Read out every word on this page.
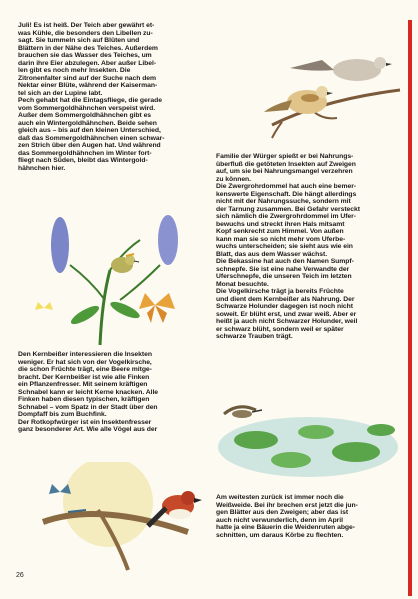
Juli! Es ist heiß. Der Teich aber gewährt et-
was Kühle, die besonders den Libellen zu-
sagt. Sie tummeln sich auf Blüten und
Blättern in der Nähe des Teiches. Außerdem
brauchen sie das Wasser des Teiches, um
darin ihre Eier abzulegen. Aber außer Libel-
len gibt es noch mehr Insekten. Die
Zitronenfalter sind auf der Suche nach dem
Nektar einer Blüte, während der Kaiserman-
tel sich an der Lupine labt.
Pech gehabt hat die Eintagsfliege, die gerade
vom Sommergoldhähnchen verspeist wird.
Außer dem Sommergoldhähnchen gibt es
auch ein Wintergoldhähnchen. Beide sehen
gleich aus – bis auf den kleinen Unterschied,
daß das Sommergoldhähnchen einen schwar-
zen Strich über den Augen hat. Und während
das Sommergoldhähnchen im Winter fort-
fliegt nach Süden, bleibt das Wintergold-
hähnchen hier.

Familie der Würger spießt er bei Nahrungs-
überfluß die getöteten Insekten auf Zweigen
auf, um sie bei Nahrungsmangel verzehren
zu können.
Die Zwergrohrdommel hat auch eine bemer-
kenswerte Eigenschaft. Die hängt allerdings
nicht mit der Nahrungssuche, sondern mit
der Tarnung zusammen. Bei Gefahr versteckt
sich nämlich die Zwergrohrdommel im Ufer-
bewuchs und streckt ihren Hals mitsamt
Kopf senkrecht zum Himmel. Von außen
kann man sie so nicht mehr vom Uferbe-
wuchs unterscheiden; sie sieht aus wie ein
Blatt, das aus dem Wasser wächst.
Die Bekassine hat auch den Namen Sumpf-
schnepfe. Sie ist eine nahe Verwandte der
Uferschnepfe, die unseren Teich im letzten
Monat besuchte.
Die Vogelkirsche trägt ja bereits Früchte
und dient dem Kernbeißer als Nahrung. Der
Schwarze Holunder dagegen ist noch nicht
soweit. Er blüht erst, und zwar weiß. Aber er
heißt ja auch nicht Schwarzer Holunder, weil
er schwarz blüht, sondern weil er später
schwarze Trauben trägt.

Den Kernbeißer interessieren die Insekten
weniger. Er hat sich von der Vogelkirsche,
die schon Früchte trägt, eine Beere mitge-
bracht. Der Kernbeißer ist wie alle Finken
ein Pflanzenfresser. Mit seinem kräftigen
Schnabel kann er leicht Kerne knacken. Alle
Finken haben diesen typischen, kräftigen
Schnabel – vom Spatz in der Stadt über den
Dompfaff bis zum Buchfink.
Der Rotkopfwürger ist ein Insektenfresser
ganz besonderer Art. Wie alle Vögel aus der

Am weitesten zurück ist immer noch die
Weißweide. Bei ihr brechen erst jetzt die jun-
gen Blätter aus den Zweigen; aber das ist
auch nicht verwunderlich, denn im April
hatte ja eine Bäuerin die Weidenruten abge-
schnitten, um daraus Körbe zu flechten.

26
